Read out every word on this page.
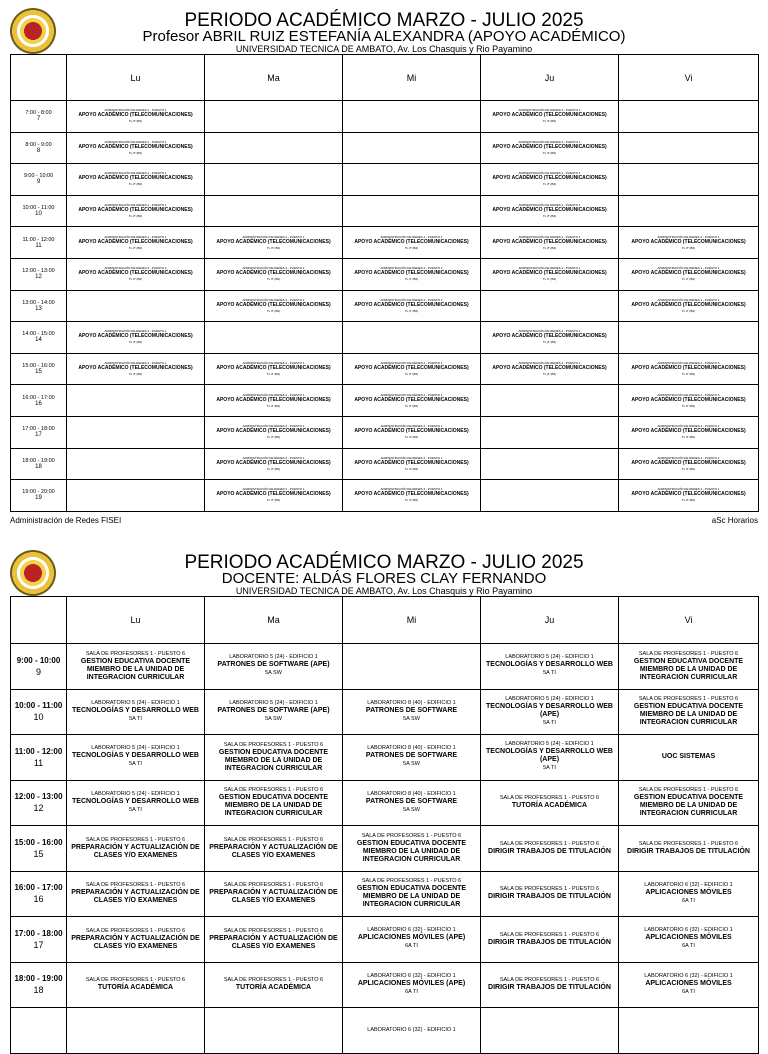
PERIODO ACADÉMICO MARZO - JULIO 2025
Profesor ABRIL RUIZ ESTEFANÍA ALEXANDRA (APOYO ACADÉMICO)
UNIVERSIDAD TECNICA DE AMBATO, Av. Los Chasquis y Rio Payamino
	Lu	Ma	Mi	Ju	Vi

7:00 - 8:00
7	ADMINISTRACIÓN DE REDES 2 - PUESTO 1
APOYO ACADÉMICO (TELECOMUNICACIONES)
TL IT (B2)			ADMINISTRACIÓN DE REDES 2 - PUESTO 1
APOYO ACADÉMICO (TELECOMUNICACIONES)
TL IT (B2)	

8:00 - 9:00
8	ADMINISTRACIÓN DE REDES 2 - PUESTO 1
APOYO ACADÉMICO (TELECOMUNICACIONES)
TL IT (B2)			ADMINISTRACIÓN DE REDES 2 - PUESTO 1
APOYO ACADÉMICO (TELECOMUNICACIONES)
TL IT (B2)	

9:00 - 10:00
9	ADMINISTRACIÓN DE REDES 2 - PUESTO 1
APOYO ACADÉMICO (TELECOMUNICACIONES)
TL IT (B2)			ADMINISTRACIÓN DE REDES 2 - PUESTO 1
APOYO ACADÉMICO (TELECOMUNICACIONES)
TL IT (B2)	

10:00 - 11:00
10	ADMINISTRACIÓN DE REDES 2 - PUESTO 1
APOYO ACADÉMICO (TELECOMUNICACIONES)
TL IT (B2)			ADMINISTRACIÓN DE REDES 2 - PUESTO 1
APOYO ACADÉMICO (TELECOMUNICACIONES)
TL IT (B2)	

11:00 - 12:00
11	ADMINISTRACIÓN DE REDES 2 - PUESTO 1
APOYO ACADÉMICO (TELECOMUNICACIONES)
TL IT (B2)	ADMINISTRACIÓN DE REDES 2 - PUESTO 1
APOYO ACADÉMICO (TELECOMUNICACIONES)
TL IT (B2)	ADMINISTRACIÓN DE REDES 2 - PUESTO 1
APOYO ACADÉMICO (TELECOMUNICACIONES)
TL IT (B2)	ADMINISTRACIÓN DE REDES 2 - PUESTO 1
APOYO ACADÉMICO (TELECOMUNICACIONES)
TL IT (B2)	ADMINISTRACIÓN DE REDES 2 - PUESTO 1
APOYO ACADÉMICO (TELECOMUNICACIONES)
TL IT (B2)

12:00 - 13:00
12	ADMINISTRACIÓN DE REDES 2 - PUESTO 1
APOYO ACADÉMICO (TELECOMUNICACIONES)
TL IT (B2)	ADMINISTRACIÓN DE REDES 2 - PUESTO 1
APOYO ACADÉMICO (TELECOMUNICACIONES)
TL IT (B2)	ADMINISTRACIÓN DE REDES 2 - PUESTO 1
APOYO ACADÉMICO (TELECOMUNICACIONES)
TL IT (B2)	ADMINISTRACIÓN DE REDES 2 - PUESTO 1
APOYO ACADÉMICO (TELECOMUNICACIONES)
TL IT (B2)	ADMINISTRACIÓN DE REDES 2 - PUESTO 1
APOYO ACADÉMICO (TELECOMUNICACIONES)
TL IT (B2)

13:00 - 14:00
13		ADMINISTRACIÓN DE REDES 2 - PUESTO 1
APOYO ACADÉMICO (TELECOMUNICACIONES)
TL IT (B2)	ADMINISTRACIÓN DE REDES 2 - PUESTO 1
APOYO ACADÉMICO (TELECOMUNICACIONES)
TL IT (B2)		ADMINISTRACIÓN DE REDES 2 - PUESTO 1
APOYO ACADÉMICO (TELECOMUNICACIONES)
TL IT (B2)

14:00 - 15:00
14	ADMINISTRACIÓN DE REDES 2 - PUESTO 1
APOYO ACADÉMICO (TELECOMUNICACIONES)
TL IT (B2)			ADMINISTRACIÓN DE REDES 2 - PUESTO 1
APOYO ACADÉMICO (TELECOMUNICACIONES)
TL IT (B2)	

15:00 - 16:00
15	ADMINISTRACIÓN DE REDES 2 - PUESTO 1
APOYO ACADÉMICO (TELECOMUNICACIONES)
TL IT (B2)	ADMINISTRACIÓN DE REDES 2 - PUESTO 1
APOYO ACADÉMICO (TELECOMUNICACIONES)
TL IT (B2)	ADMINISTRACIÓN DE REDES 2 - PUESTO 1
APOYO ACADÉMICO (TELECOMUNICACIONES)
TL IT (B2)	ADMINISTRACIÓN DE REDES 2 - PUESTO 1
APOYO ACADÉMICO (TELECOMUNICACIONES)
TL IT (B2)	ADMINISTRACIÓN DE REDES 2 - PUESTO 1
APOYO ACADÉMICO (TELECOMUNICACIONES)
TL IT (B2)

16:00 - 17:00
16		ADMINISTRACIÓN DE REDES 2 - PUESTO 1
APOYO ACADÉMICO (TELECOMUNICACIONES)
TL IT (B2)	ADMINISTRACIÓN DE REDES 2 - PUESTO 1
APOYO ACADÉMICO (TELECOMUNICACIONES)
TL IT (B2)		ADMINISTRACIÓN DE REDES 2 - PUESTO 1
APOYO ACADÉMICO (TELECOMUNICACIONES)
TL IT (B2)

17:00 - 18:00
17		ADMINISTRACIÓN DE REDES 2 - PUESTO 1
APOYO ACADÉMICO (TELECOMUNICACIONES)
TL IT (B2)	ADMINISTRACIÓN DE REDES 2 - PUESTO 1
APOYO ACADÉMICO (TELECOMUNICACIONES)
TL IT (B2)		ADMINISTRACIÓN DE REDES 2 - PUESTO 1
APOYO ACADÉMICO (TELECOMUNICACIONES)
TL IT (B2)

18:00 - 19:00
18		ADMINISTRACIÓN DE REDES 2 - PUESTO 1
APOYO ACADÉMICO (TELECOMUNICACIONES)
TL IT (B2)	ADMINISTRACIÓN DE REDES 2 - PUESTO 1
APOYO ACADÉMICO (TELECOMUNICACIONES)
TL IT (B2)		ADMINISTRACIÓN DE REDES 2 - PUESTO 1
APOYO ACADÉMICO (TELECOMUNICACIONES)
TL IT (B2)

19:00 - 20:00
19		ADMINISTRACIÓN DE REDES 2 - PUESTO 1
APOYO ACADÉMICO (TELECOMUNICACIONES)
TL IT (B2)	ADMINISTRACIÓN DE REDES 2 - PUESTO 1
APOYO ACADÉMICO (TELECOMUNICACIONES)
TL IT (B2)		ADMINISTRACIÓN DE REDES 2 - PUESTO 1
APOYO ACADÉMICO (TELECOMUNICACIONES)
TL IT (B2)
Administración de Redes FISEI	aSc Horarios
PERIODO ACADÉMICO MARZO - JULIO 2025
DOCENTE: ALDÁS FLORES CLAY FERNANDO
UNIVERSIDAD TECNICA DE AMBATO, Av. Los Chasquis y Rio Payamino
	Lu	Ma	Mi	Ju	Vi

9:00 - 10:00
9	SALA DE PROFESORES 1 - PUESTO 6
GESTION EDUCATIVA DOCENTE MIEMBRO DE LA UNIDAD DE INTEGRACION CURRICULAR	LABORATORIO 5 (24) - EDIFICIO 1
PATRONES DE SOFTWARE (APE)
5A SW		LABORATORIO 5 (24) - EDIFICIO 1
TECNOLOGÍAS Y DESARROLLO WEB
5A TI	SALA DE PROFESORES 1 - PUESTO 6
GESTION EDUCATIVA DOCENTE MIEMBRO DE LA UNIDAD DE INTEGRACION CURRICULAR

10:00 - 11:00
10	LABORATORIO 5 (24) - EDIFICIO 1
TECNOLOGÍAS Y DESARROLLO WEB
5A TI	LABORATORIO 5 (24) - EDIFICIO 1
PATRONES DE SOFTWARE (APE)
5A SW	LABORATORIO 8 (40) - EDIFICIO 1
PATRONES DE SOFTWARE
5A SW	LABORATORIO 5 (24) - EDIFICIO 1
TECNOLOGÍAS Y DESARROLLO WEB (APE)
5A TI	SALA DE PROFESORES 1 - PUESTO 6
GESTION EDUCATIVA DOCENTE MIEMBRO DE LA UNIDAD DE INTEGRACION CURRICULAR

11:00 - 12:00
11	LABORATORIO 5 (24) - EDIFICIO 1
TECNOLOGÍAS Y DESARROLLO WEB
5A TI	SALA DE PROFESORES 1 - PUESTO 6
GESTION EDUCATIVA DOCENTE MIEMBRO DE LA UNIDAD DE INTEGRACION CURRICULAR	LABORATORIO 8 (40) - EDIFICIO 1
PATRONES DE SOFTWARE
5A SW	LABORATORIO 5 (24) - EDIFICIO 1
TECNOLOGÍAS Y DESARROLLO WEB (APE)
5A TI	UOC SISTEMAS

12:00 - 13:00
12	LABORATORIO 5 (24) - EDIFICIO 1
TECNOLOGÍAS Y DESARROLLO WEB
5A TI	SALA DE PROFESORES 1 - PUESTO 6
GESTION EDUCATIVA DOCENTE MIEMBRO DE LA UNIDAD DE INTEGRACION CURRICULAR	LABORATORIO 8 (40) - EDIFICIO 1
PATRONES DE SOFTWARE
5A SW	SALA DE PROFESORES 1 - PUESTO 6
TUTORÍA ACADÉMICA	SALA DE PROFESORES 1 - PUESTO 6
GESTION EDUCATIVA DOCENTE MIEMBRO DE LA UNIDAD DE INTEGRACION CURRICULAR

15:00 - 16:00
15	SALA DE PROFESORES 1 - PUESTO 6
PREPARACIÓN Y ACTUALIZACIÓN DE CLASES Y/O EXAMENES	SALA DE PROFESORES 1 - PUESTO 6
PREPARACIÓN Y ACTUALIZACIÓN DE CLASES Y/O EXAMENES	SALA DE PROFESORES 1 - PUESTO 6
GESTION EDUCATIVA DOCENTE MIEMBRO DE LA UNIDAD DE INTEGRACION CURRICULAR	SALA DE PROFESORES 1 - PUESTO 6
DIRIGIR TRABAJOS DE TITULACIÓN	SALA DE PROFESORES 1 - PUESTO 6
DIRIGIR TRABAJOS DE TITULACIÓN

16:00 - 17:00
16	SALA DE PROFESORES 1 - PUESTO 6
PREPARACIÓN Y ACTUALIZACIÓN DE CLASES Y/O EXAMENES	SALA DE PROFESORES 1 - PUESTO 6
PREPARACIÓN Y ACTUALIZACIÓN DE CLASES Y/O EXAMENES	SALA DE PROFESORES 1 - PUESTO 6
GESTION EDUCATIVA DOCENTE MIEMBRO DE LA UNIDAD DE INTEGRACION CURRICULAR	SALA DE PROFESORES 1 - PUESTO 6
DIRIGIR TRABAJOS DE TITULACIÓN	LABORATORIO 6 (32) - EDIFICIO 1
APLICACIONES MÓVILES
6A TI

17:00 - 18:00
17	SALA DE PROFESORES 1 - PUESTO 6
PREPARACIÓN Y ACTUALIZACIÓN DE CLASES Y/O EXAMENES	SALA DE PROFESORES 1 - PUESTO 6
PREPARACIÓN Y ACTUALIZACIÓN DE CLASES Y/O EXAMENES	LABORATORIO 6 (32) - EDIFICIO 1
APLICACIONES MÓVILES (APE)
6A TI	SALA DE PROFESORES 1 - PUESTO 6
DIRIGIR TRABAJOS DE TITULACIÓN	LABORATORIO 6 (32) - EDIFICIO 1
APLICACIONES MÓVILES
6A TI

18:00 - 19:00
18	SALA DE PROFESORES 1 - PUESTO 6
TUTORÍA ACADÉMICA	SALA DE PROFESORES 1 - PUESTO 6
TUTORÍA ACADÉMICA	LABORATORIO 6 (32) - EDIFICIO 1
APLICACIONES MÓVILES (APE)
6A TI	SALA DE PROFESORES 1 - PUESTO 6
DIRIGIR TRABAJOS DE TITULACIÓN	LABORATORIO 6 (32) - EDIFICIO 1
APLICACIONES MÓVILES
6A TI

			LABORATORIO 6 (32) - EDIFICIO 1		
